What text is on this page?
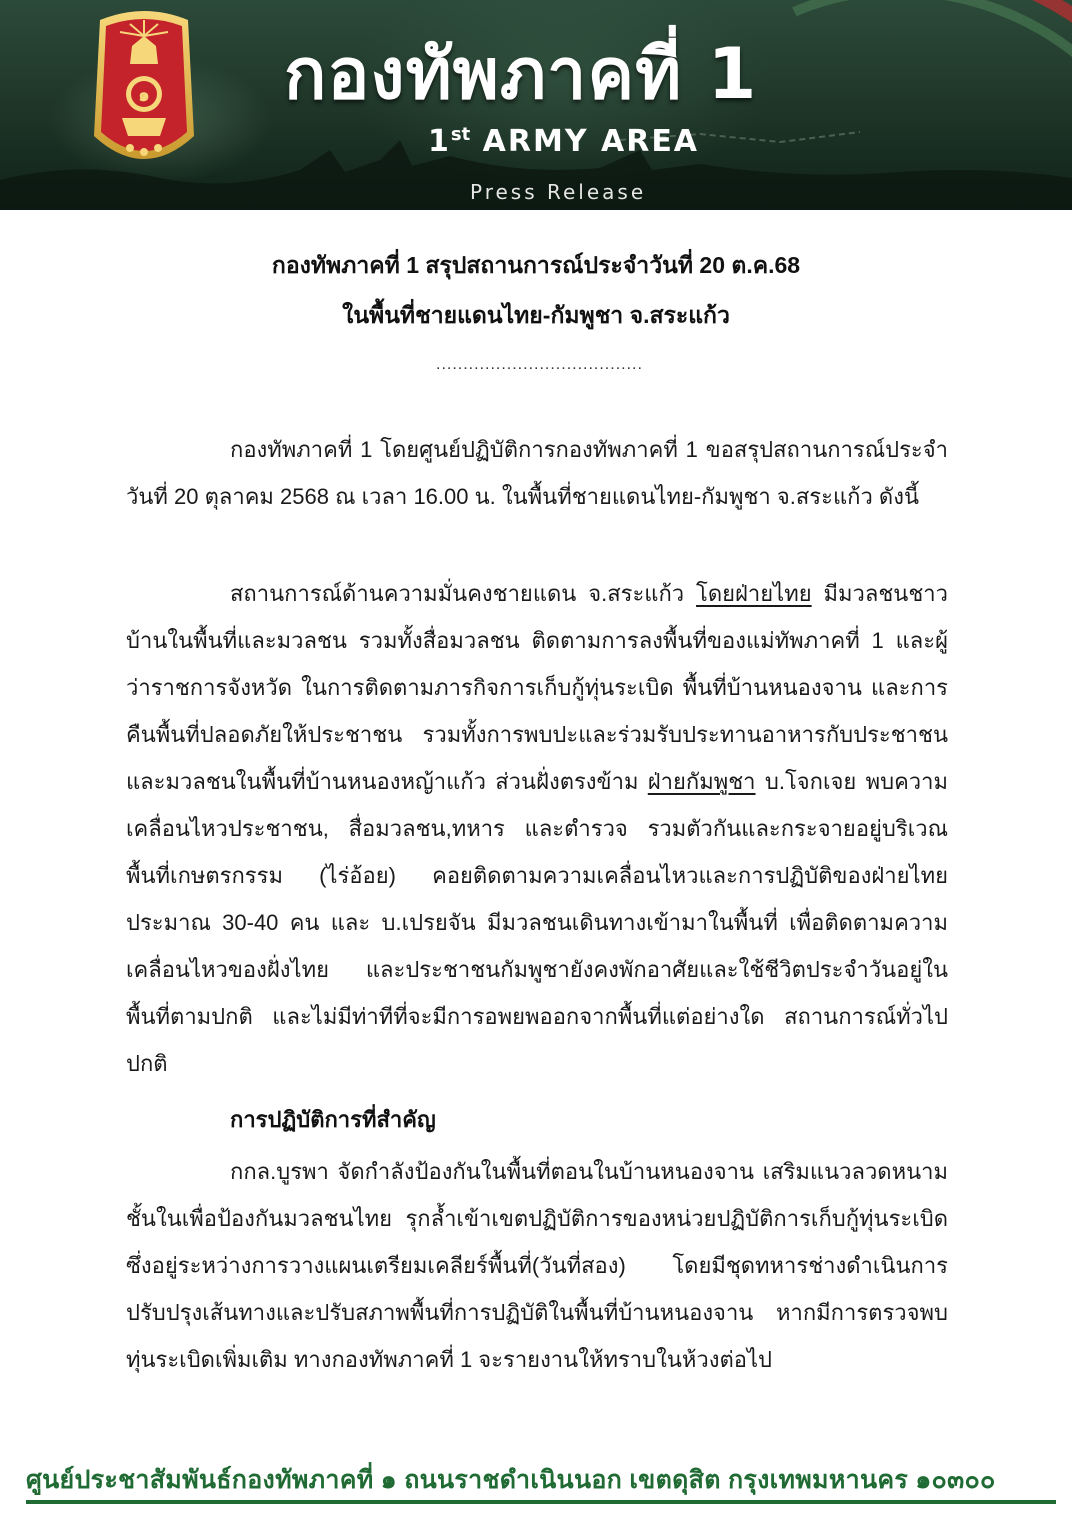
๑ กองทัพภาคที่ 1
1st ARMY AREA
Press Release
กองทัพภาคที่ 1 สรุปสถานการณ์ประจำวันที่ 20 ต.ค.68
ในพื้นที่ชายแดนไทย-กัมพูชา จ.สระแก้ว
......................................

กองทัพภาคที่ 1 โดยศูนย์ปฏิบัติการกองทัพภาคที่ 1 ขอสรุปสถานการณ์ประจำวันที่ 20 ตุลาคม 2568 ณ เวลา 16.00 น. ในพื้นที่ชายแดนไทย-กัมพูชา จ.สระแก้ว ดังนี้

สถานการณ์ด้านความมั่นคงชายแดน จ.สระแก้ว โดยฝ่ายไทย มีมวลชนชาวบ้านในพื้นที่และมวลชน รวมทั้งสื่อมวลชน ติดตามการลงพื้นที่ของแม่ทัพภาคที่ 1 และผู้ว่าราชการจังหวัด ในการติดตามภารกิจการเก็บกู้ทุ่นระเบิด พื้นที่บ้านหนองจาน และการคืนพื้นที่ปลอดภัยให้ประชาชน รวมทั้งการพบปะและร่วมรับประทานอาหารกับประชาชนและมวลชนในพื้นที่บ้านหนองหญ้าแก้ว ส่วนฝั่งตรงข้าม ฝ่ายกัมพูชา บ.โจกเจย พบความเคลื่อนไหวประชาชน, สื่อมวลชน,ทหาร และตำรวจ รวมตัวกันและกระจายอยู่บริเวณพื้นที่เกษตรกรรม (ไร่อ้อย) คอยติดตามความเคลื่อนไหวและการปฏิบัติของฝ่ายไทย ประมาณ 30-40 คน และ บ.เปรยจัน มีมวลชนเดินทางเข้ามาในพื้นที่ เพื่อติดตามความเคลื่อนไหวของฝั่งไทย และประชาชนกัมพูชายังคงพักอาศัยและใช้ชีวิตประจำวันอยู่ในพื้นที่ตามปกติ และไม่มีท่าทีที่จะมีการอพยพออกจากพื้นที่แต่อย่างใด สถานการณ์ทั่วไปปกติ

การปฏิบัติการที่สำคัญ

กกล.บูรพา จัดกำลังป้องกันในพื้นที่ตอนในบ้านหนองจาน เสริมแนวลวดหนามชั้นในเพื่อป้องกันมวลชนไทย รุกล้ำเข้าเขตปฏิบัติการของหน่วยปฏิบัติการเก็บกู้ทุ่นระเบิด ซึ่งอยู่ระหว่างการวางแผนเตรียมเคลียร์พื้นที่(วันที่สอง) โดยมีชุดทหารช่างดำเนินการปรับปรุงเส้นทางและปรับสภาพพื้นที่การปฏิบัติในพื้นที่บ้านหนองจาน หากมีการตรวจพบทุ่นระเบิดเพิ่มเติม ทางกองทัพภาคที่ 1 จะรายงานให้ทราบในห้วงต่อไป

ศูนย์ประชาสัมพันธ์กองทัพภาคที่ ๑ ถนนราชดำเนินนอก เขตดุสิต กรุงเทพมหานคร ๑๐๓๐๐
